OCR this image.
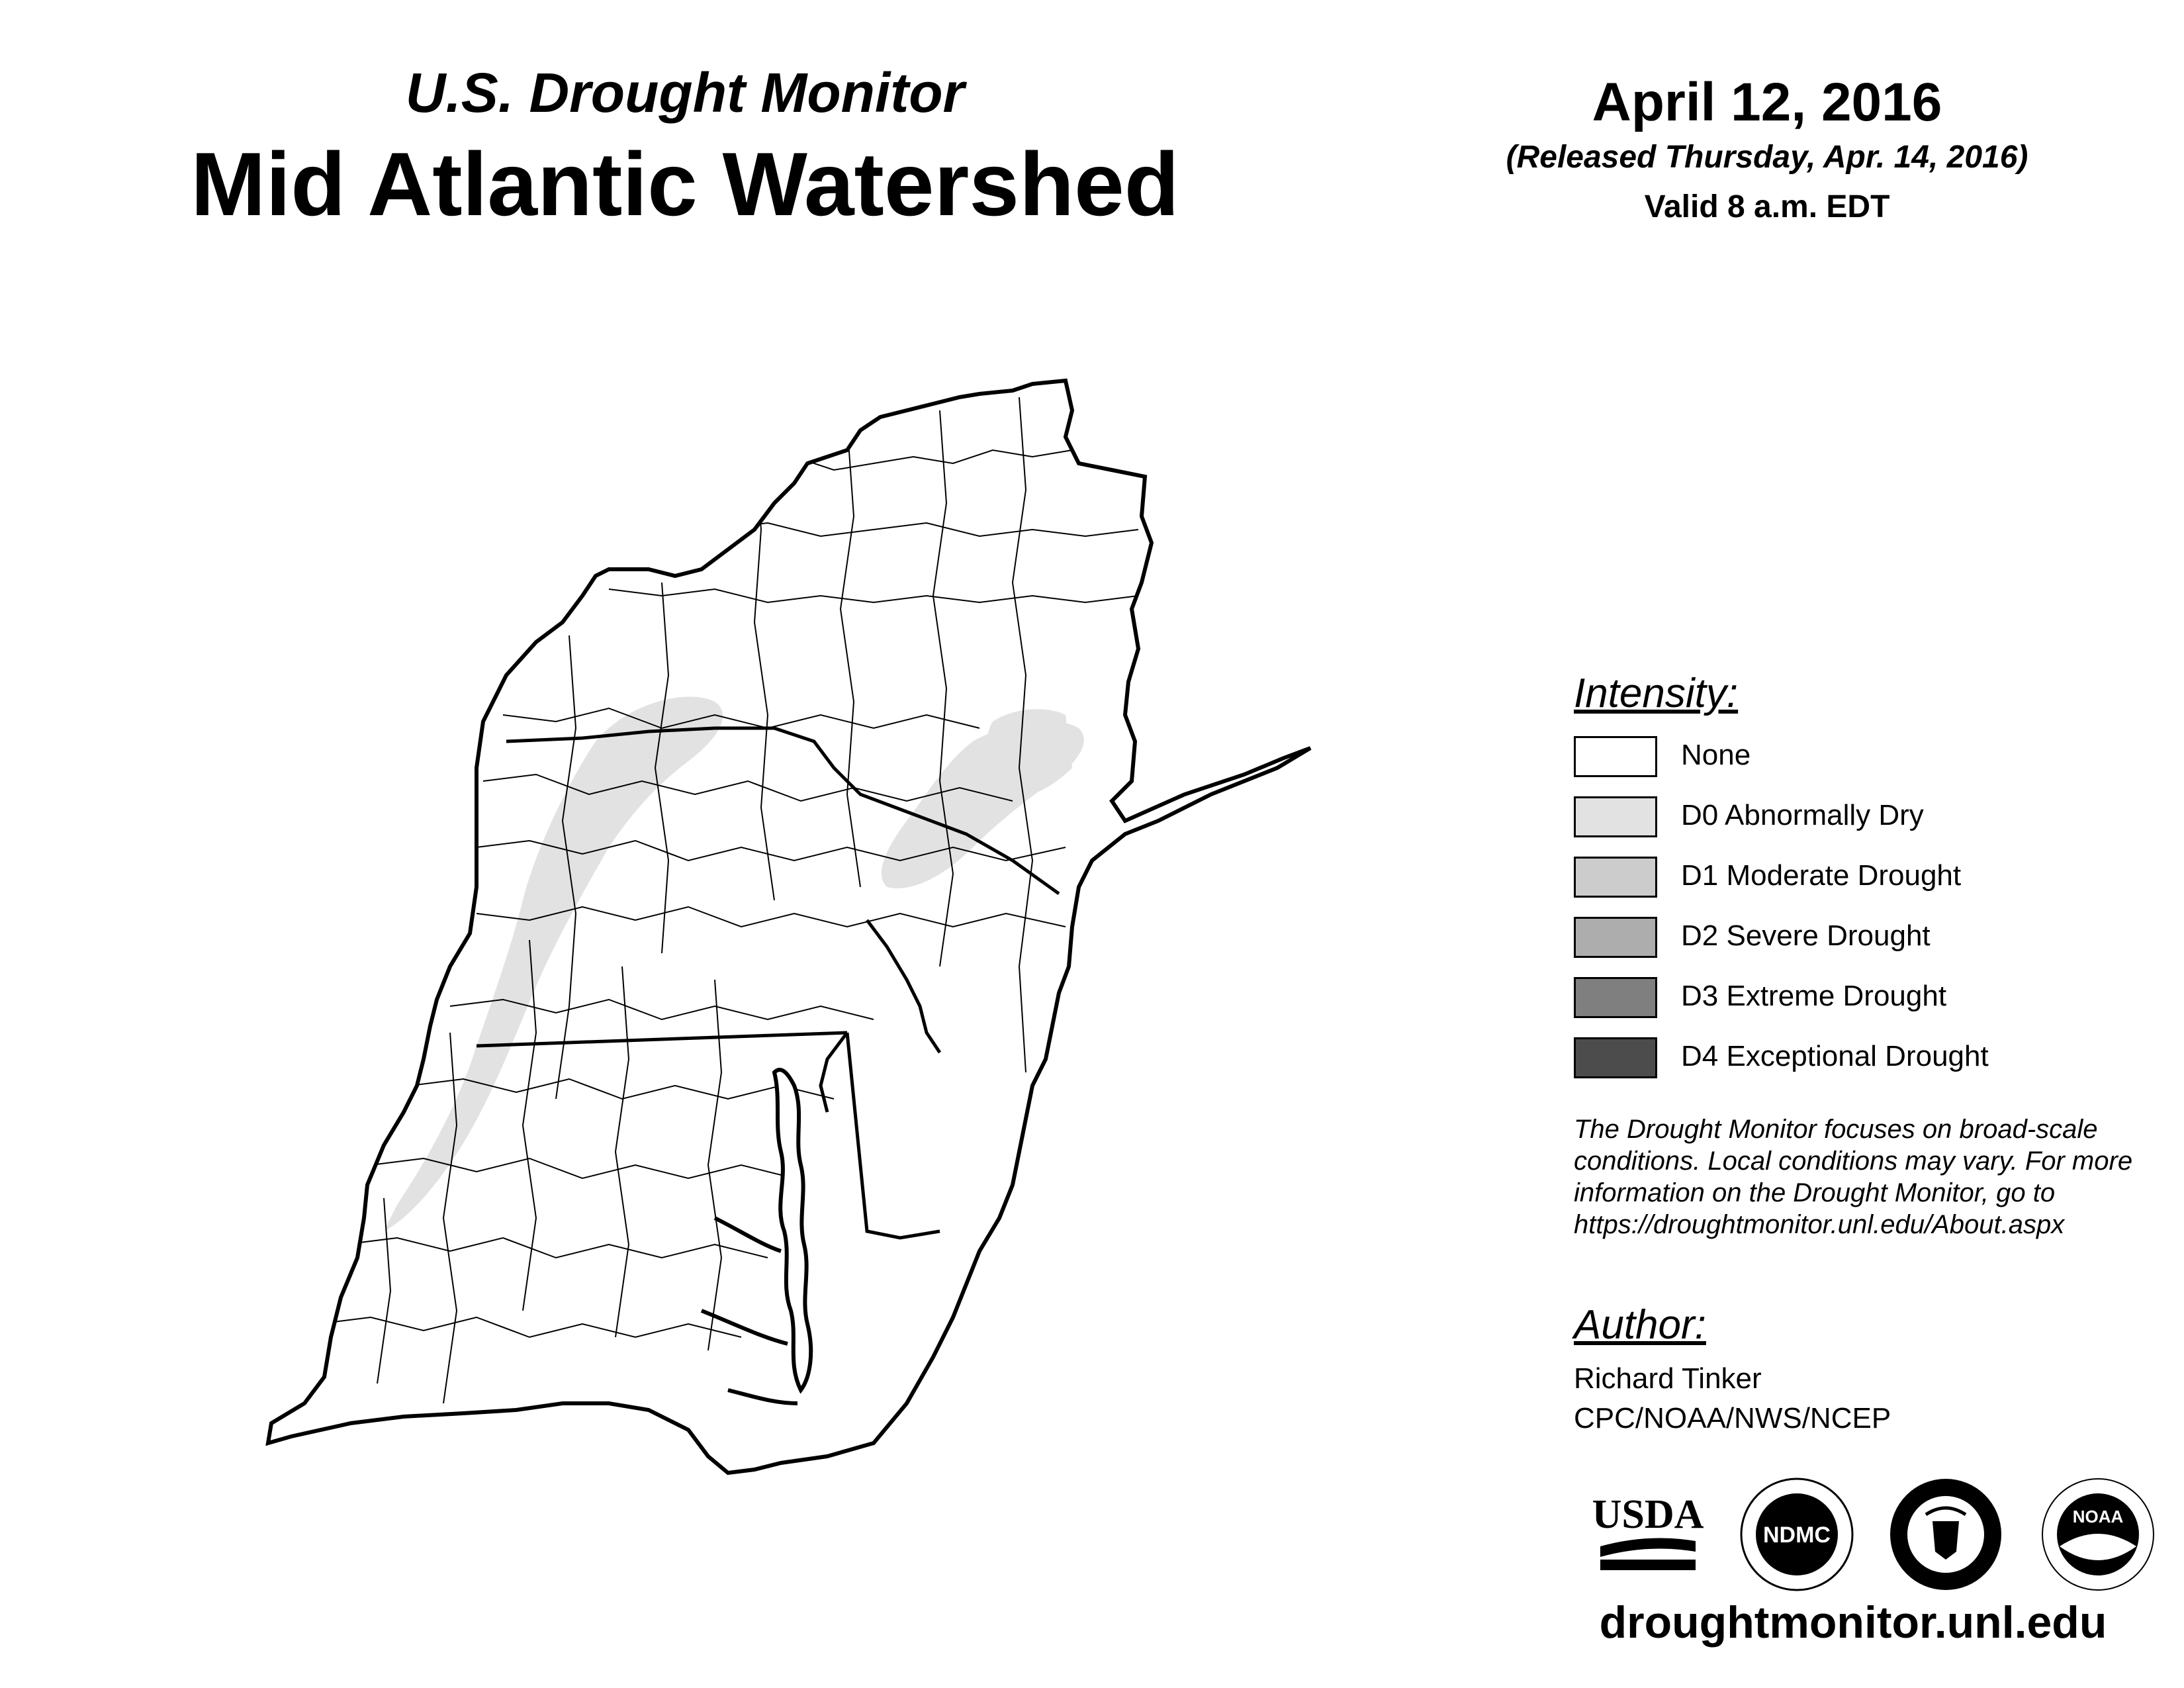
U.S. Drought Monitor
Mid Atlantic Watershed
April 12, 2016
(Released Thursday, Apr. 14, 2016)
Valid 8 a.m. EDT
Intensity:
None
D0 Abnormally Dry
D1 Moderate Drought
D2 Severe Drought
D3 Extreme Drought
D4 Exceptional Drought
The Drought Monitor focuses on broad-scale conditions. Local conditions may vary. For more information on the Drought Monitor, go to https://droughtmonitor.unl.edu/About.aspx
Author:
Richard Tinker
CPC/NOAA/NWS/NCEP
USDA	NDMC
NOAA
droughtmonitor.unl.edu
